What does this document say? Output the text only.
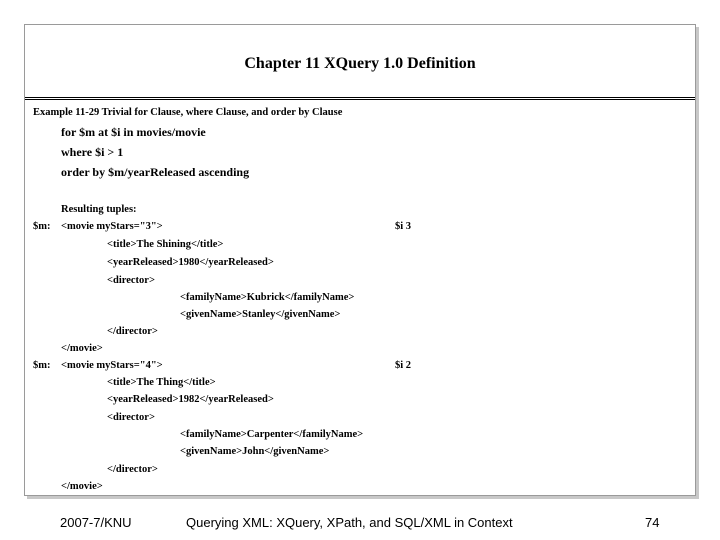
Chapter 11 XQuery 1.0 Definition
Example 11-29 Trivial for Clause, where Clause, and order by Clause
for $m at $i in movies/movie
where $i > 1
order by $m/yearReleased ascending
Resulting tuples:
$m: <movie myStars="3">	$i 3
<title>The Shining</title>
<yearReleased>1980</yearReleased>
<director>
<familyName>Kubrick</familyName>
<givenName>Stanley</givenName>
</director>
</movie>
$m: <movie myStars="4">	$i 2
<title>The Thing</title>
<yearReleased>1982</yearReleased>
<director>
<familyName>Carpenter</familyName>
<givenName>John</givenName>
</director>
</movie>
2007-7/KNU	Querying XML: XQuery, XPath, and SQL/XML in Context	74
